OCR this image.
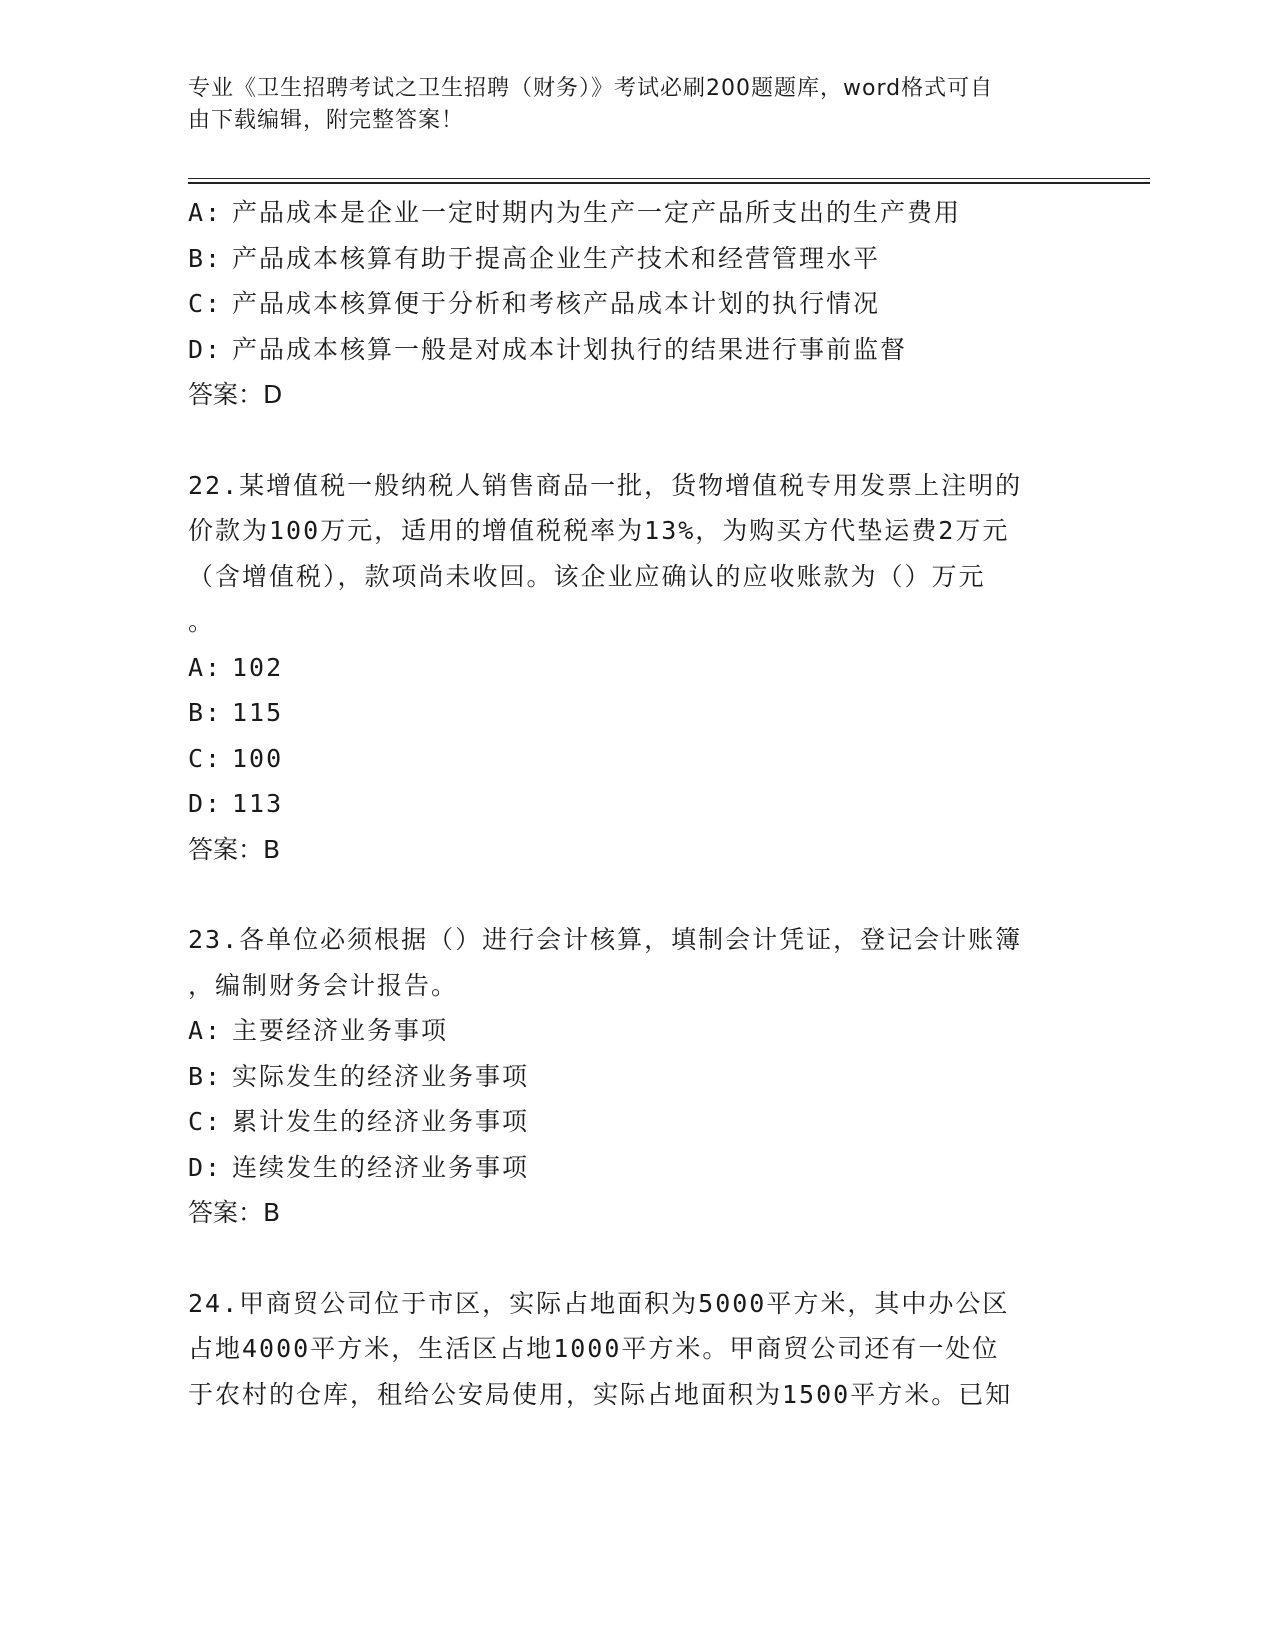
专业《卫生招聘考试之卫生招聘（财务）》考试必刷200题题库，word格式可自
由下载编辑，附完整答案！
A: 产品成本是企业一定时期内为生产一定产品所支出的生产费用
B: 产品成本核算有助于提高企业生产技术和经营管理水平
C: 产品成本核算便于分析和考核产品成本计划的执行情况
D: 产品成本核算一般是对成本计划执行的结果进行事前监督
答案：D
22.某增值税一般纳税人销售商品一批，货物增值税专用发票上注明的
价款为100万元，适用的增值税税率为13%，为购买方代垫运费2万元
（含增值税），款项尚未收回。该企业应确认的应收账款为（）万元
。
A: 102
B: 115
C: 100
D: 113
答案：B
23.各单位必须根据（）进行会计核算，填制会计凭证，登记会计账簿
，编制财务会计报告。
A: 主要经济业务事项
B: 实际发生的经济业务事项
C: 累计发生的经济业务事项
D: 连续发生的经济业务事项
答案：B
24.甲商贸公司位于市区，实际占地面积为5000平方米，其中办公区
占地4000平方米，生活区占地1000平方米。甲商贸公司还有一处位
于农村的仓库，租给公安局使用，实际占地面积为1500平方米。已知
